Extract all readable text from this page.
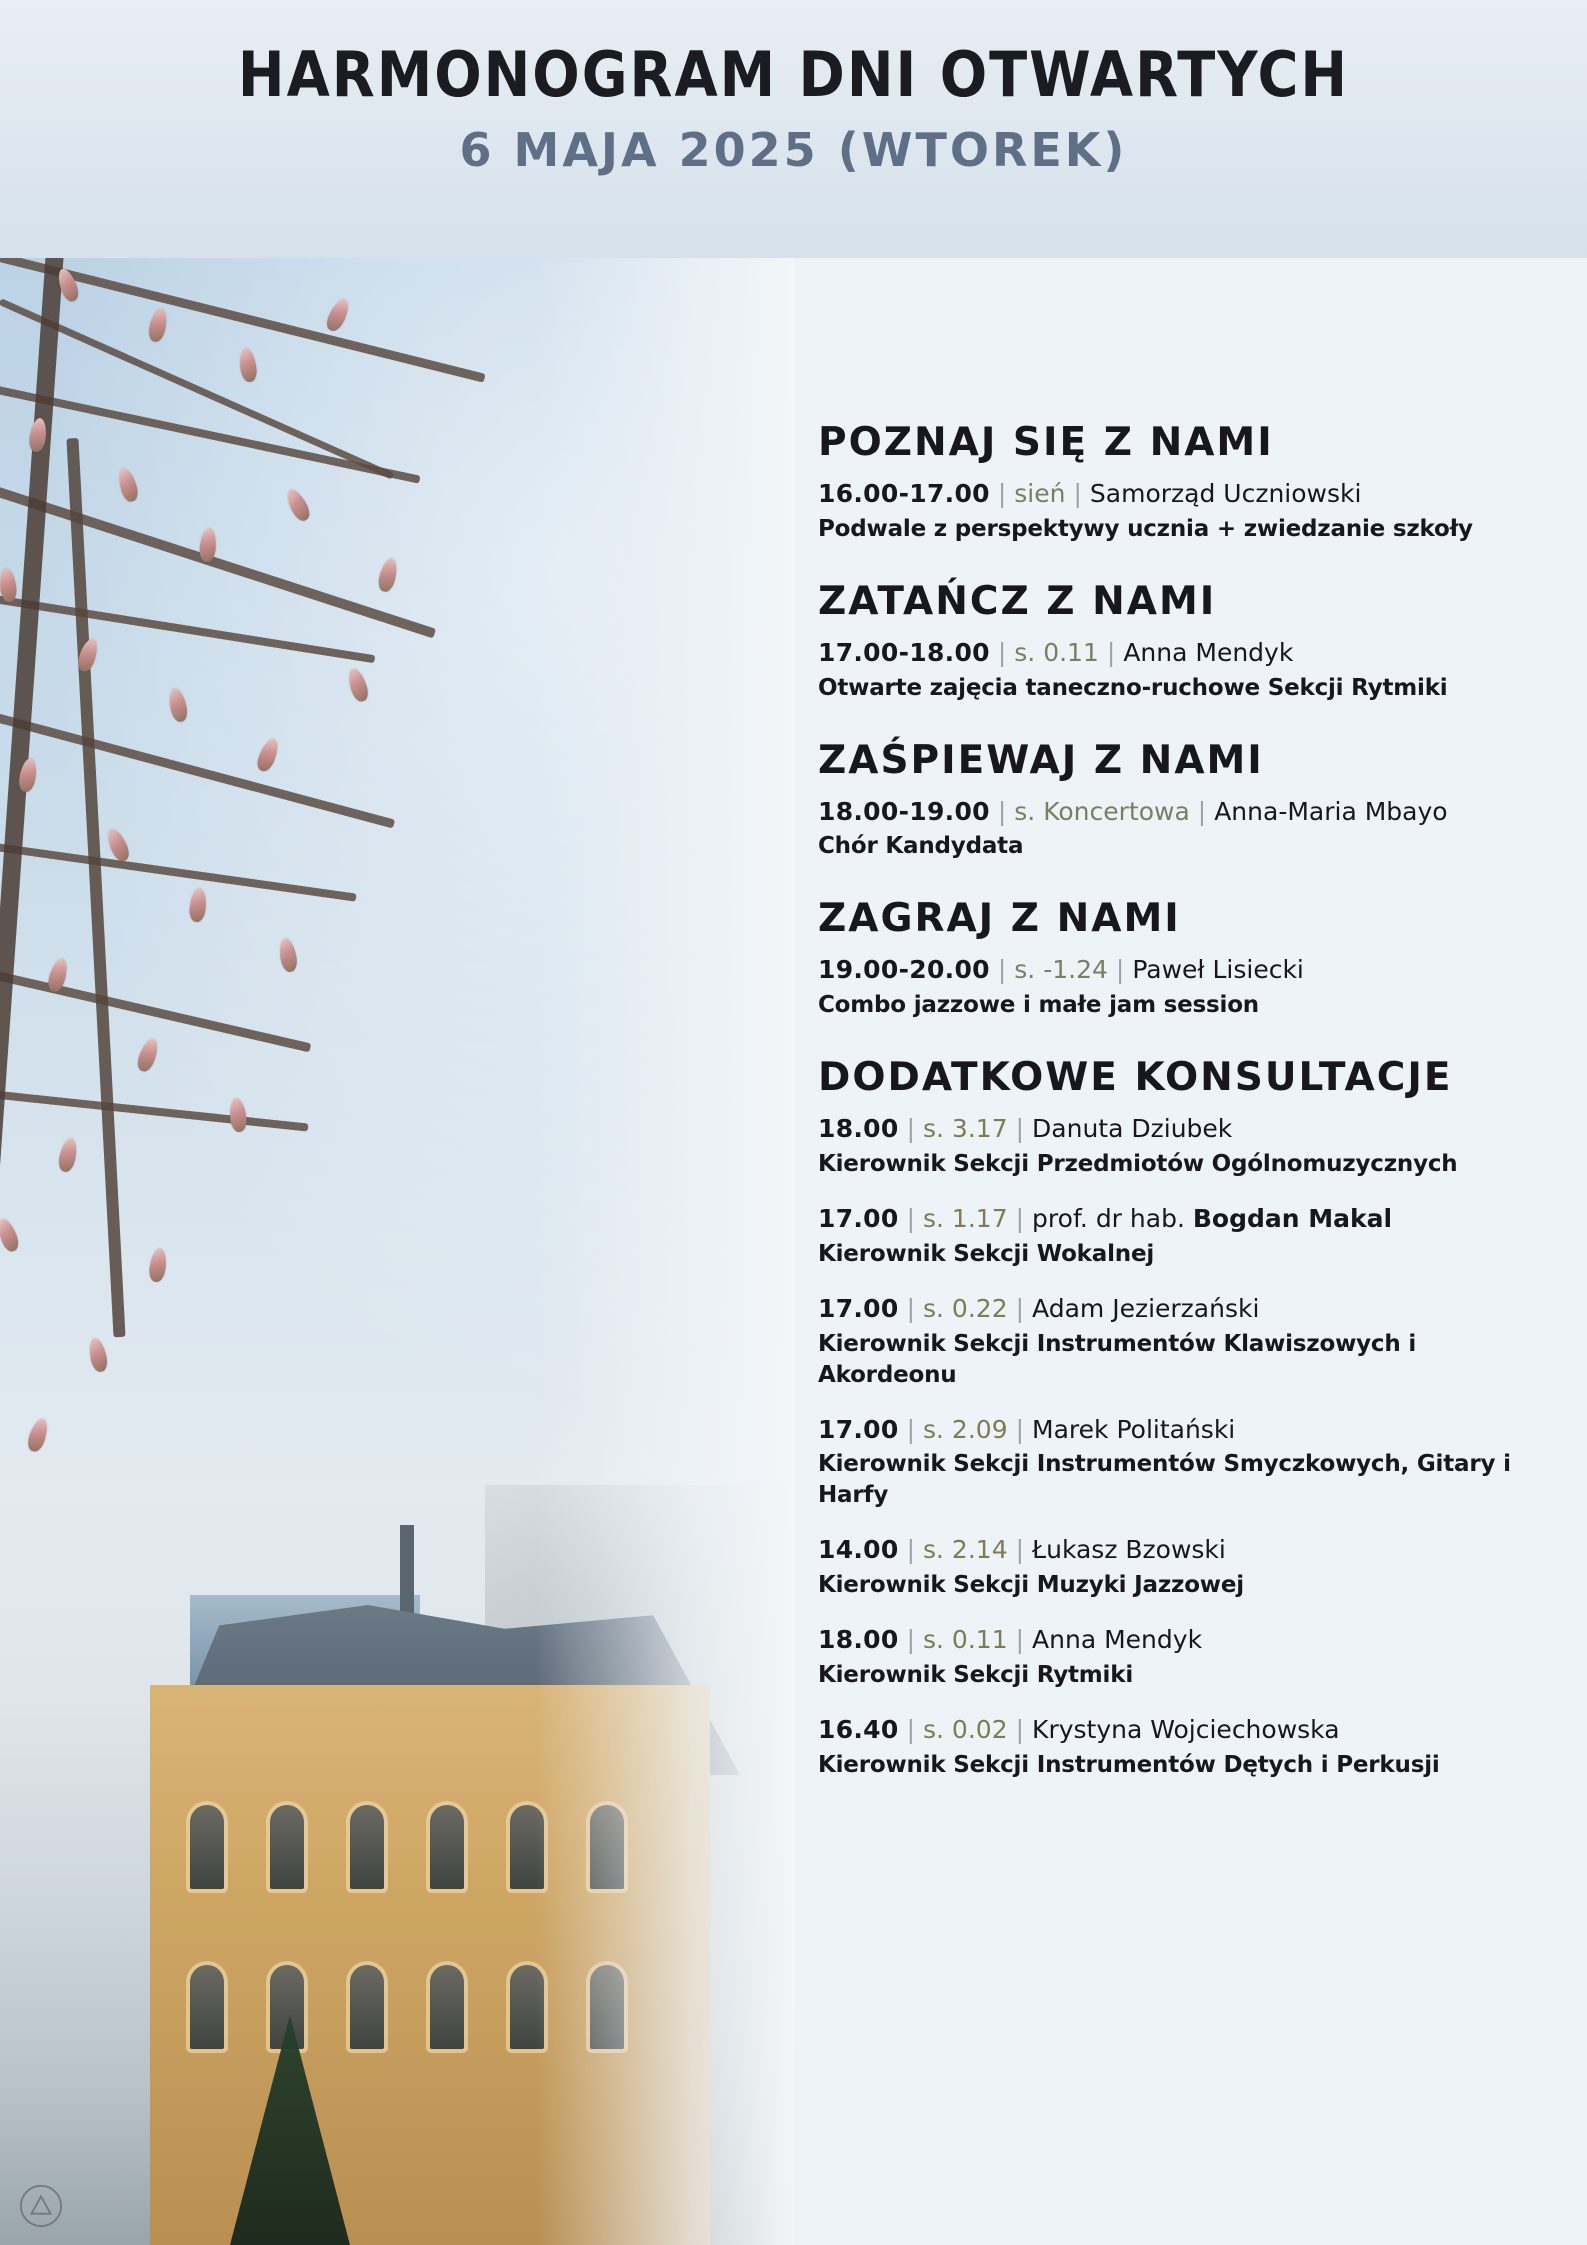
HARMONOGRAM DNI OTWARTYCH
6 MAJA 2025 (WTOREK)
POZNAJ SIĘ Z NAMI
16.00-17.00 | sień | Samorząd Uczniowski
Podwale z perspektywy ucznia + zwiedzanie szkoły
ZATAŃCZ Z NAMI
17.00-18.00 | s. 0.11 | Anna Mendyk
Otwarte zajęcia taneczno-ruchowe Sekcji Rytmiki
ZAŚPIEWAJ Z NAMI
18.00-19.00 | s. Koncertowa | Anna-Maria Mbayo
Chór Kandydata
ZAGRAJ Z NAMI
19.00-20.00 | s. -1.24 | Paweł Lisiecki
Combo jazzowe i małe jam session
DODATKOWE KONSULTACJE
18.00 | s. 3.17 | Danuta Dziubek
Kierownik Sekcji Przedmiotów Ogólnomuzycznych
17.00 | s. 1.17 | prof. dr hab. Bogdan Makal
Kierownik Sekcji Wokalnej
17.00 | s. 0.22 | Adam Jezierzański
Kierownik Sekcji Instrumentów Klawiszowych i Akordeonu
17.00 | s. 2.09 | Marek Politański
Kierownik Sekcji Instrumentów Smyczkowych, Gitary i Harfy
14.00 | s. 2.14 | Łukasz Bzowski
Kierownik Sekcji Muzyki Jazzowej
18.00 | s. 0.11 | Anna Mendyk
Kierownik Sekcji Rytmiki
16.40 | s. 0.02 | Krystyna Wojciechowska
Kierownik Sekcji Instrumentów Dętych i Perkusji
